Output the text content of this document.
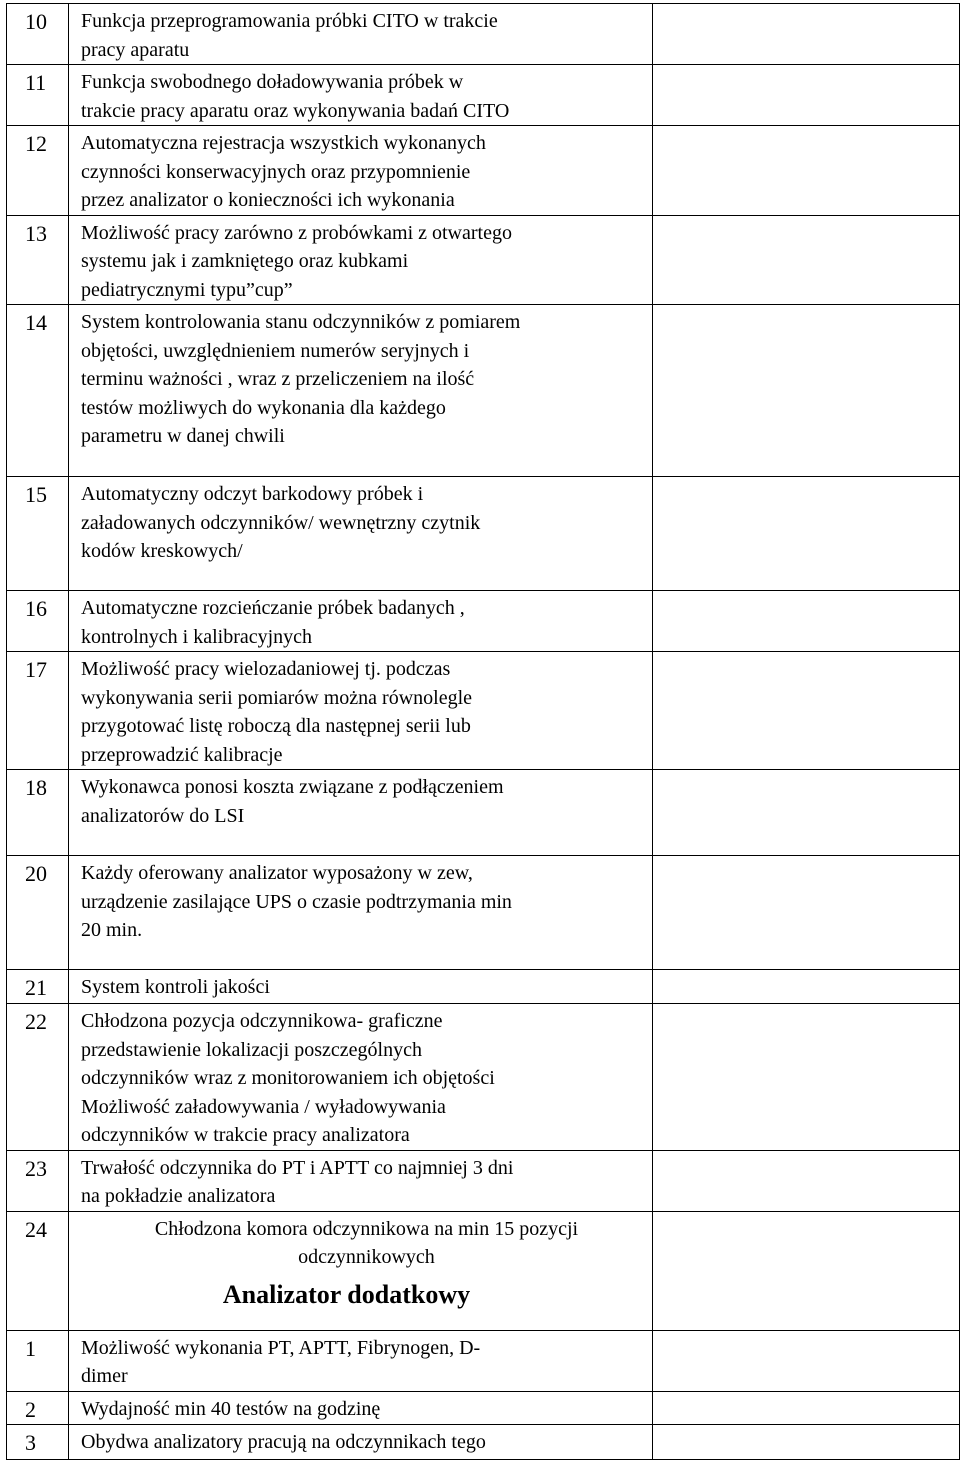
10	Funkcja przeprogramowania próbki CITO w trakcie
pracy aparatu	
11	Funkcja swobodnego doładowywania próbek w
trakcie pracy aparatu oraz wykonywania badań CITO	
12	Automatyczna rejestracja wszystkich wykonanych
czynności konserwacyjnych oraz przypomnienie
przez analizator o konieczności ich wykonania	
13	Możliwość pracy zarówno z probówkami z otwartego
systemu jak i zamkniętego oraz kubkami
pediatrycznymi typu”cup”	
14	System kontrolowania stanu odczynników z pomiarem
objętości, uwzględnieniem numerów seryjnych i
terminu ważności , wraz z przeliczeniem na ilość
testów możliwych do wykonania dla każdego
parametru w danej chwili	
15	Automatyczny odczyt barkodowy próbek i
załadowanych odczynników/ wewnętrzny czytnik
kodów kreskowych/	
16	Automatyczne rozcieńczanie próbek badanych ,
kontrolnych i kalibracyjnych	
17	Możliwość pracy wielozadaniowej tj. podczas
wykonywania serii pomiarów można równolegle
przygotować listę roboczą dla następnej serii lub
przeprowadzić kalibracje	
18	Wykonawca ponosi koszta związane z podłączeniem
analizatorów do LSI	
20	Każdy oferowany analizator wyposażony w zew,
urządzenie zasilające UPS o czasie podtrzymania min
20 min.	
21	System kontroli jakości	
22	Chłodzona pozycja odczynnikowa- graficzne
przedstawienie lokalizacji poszczególnych
odczynników wraz z monitorowaniem ich objętości
Możliwość załadowywania / wyładowywania
odczynników w trakcie pracy analizatora	
23	Trwałość odczynnika do PT i APTT co najmniej 3 dni
na pokładzie analizatora	
24	Chłodzona komora odczynnikowa na min 15 pozycji
odczynnikowych
Analizator dodatkowy	

1	Możliwość wykonania PT, APTT, Fibrynogen, D-
dimer	
2	Wydajność min 40 testów na godzinę	
3	Obydwa analizatory pracują na odczynnikach tego	
